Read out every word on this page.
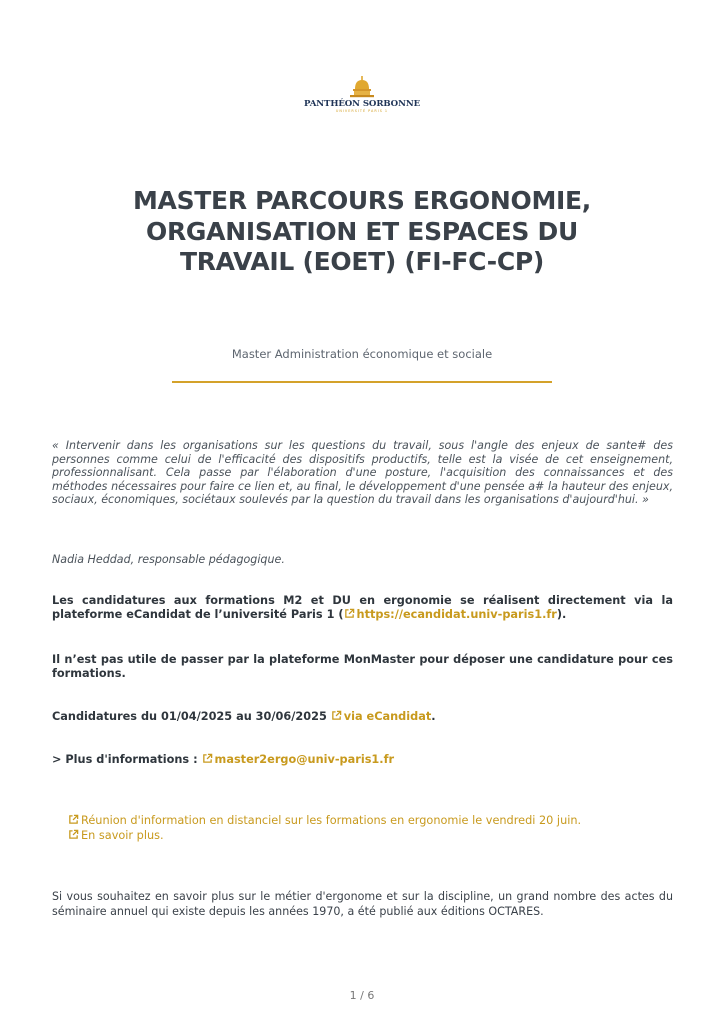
PANTHÉON SORBONNE
UNIVERSITÉ PARIS 1
MASTER PARCOURS ERGONOMIE, ORGANISATION ET ESPACES DU TRAVAIL (EOET) (FI-FC-CP)
Master Administration économique et sociale

« Intervenir dans les organisations sur les questions du travail, sous l'angle des enjeux de sante# des personnes comme celui de l'efficacité des dispositifs productifs, telle est la visée de cet enseignement, professionnalisant. Cela passe par l'élaboration d'une posture, l'acquisition des connaissances et des méthodes nécessaires pour faire ce lien et, au final, le développement d'une pensée a# la hauteur des enjeux, sociaux, économiques, sociétaux soulevés par la question du travail dans les organisations d'aujourd'hui. »

Nadia Heddad, responsable pédagogique.

Les candidatures aux formations M2 et DU en ergonomie se réalisent directement via la plateforme eCandidat de l’université Paris 1 ( https://ecandidat.univ-paris1.fr).

Il n’est pas utile de passer par la plateforme MonMaster pour déposer une candidature pour ces formations.

Candidatures du 01/04/2025 au 30/06/2025
via eCandidat.

> Plus d'informations :
master2ergo@univ-paris1.fr

Réunion d'information en distanciel sur les formations en ergonomie le vendredi 20 juin.
En savoir plus.

Si vous souhaitez en savoir plus sur le métier d'ergonome et sur la discipline, un grand nombre des actes du séminaire annuel qui existe depuis les années 1970, a été publié aux éditions OCTARES.

1 / 6
